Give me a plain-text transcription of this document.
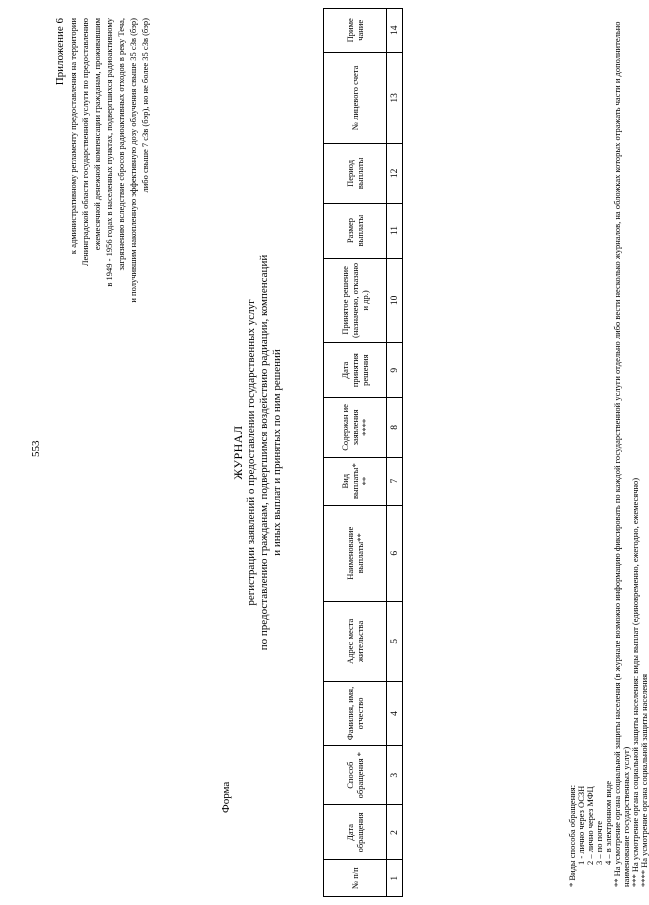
553
Приложение 6 к административному регламенту предоставления на территории Ленинградской области государственной услуги по предоставлению ежемесячной денежной компенсации гражданам, проживавшим в 1949 - 1956 годах в населенных пунктах, подвергшихся радиоактивному загрязнению вследствие сбросов радиоактивных отходов в реку Теча, и получившим накопленную эффективную дозу облучения свыше 35 сЗв (бэр) либо свыше 7 сЗв (бэр), но не более 35 сЗв (бэр)
Форма
ЖУРНАЛ регистрации заявлений о предоставлении государственных услуг по предоставлению гражданам, подвергшимся воздействию радиации, компенсаций и иных выплат и принятых по ним решений
№ п/п	Дата обращения	Способ обращения *	Фамилия, имя, отчество	Адрес места жительства	Наименование выплаты**	Вид выплаты* **	Содержан ие заявления ****	Дата принятия решения	Принятое решение (назначено, отказано и др.)	Размер выплаты	Период выплаты	№ лицевого счета	Приме чание
1	2	3	4	5	6	7	8	9	10	11	12	13	14
* Виды способа обращения: 1 - лично через ОСЗН 2 – лично через МФЦ 3 – по почте 4 – в электронном виде ** На усмотрение органа социальной защиты населения (в журнале возможно информацию фиксировать по каждой государственной услуги отдельно либо вести несколько журналов, на обложках которых отражать части и дополнительно наименование государственных услуг) *** На усмотрение органа социальной защиты населения: виды выплат (единовременно, ежегодно, ежемесячно) **** На усмотрение органа социальной защиты населения
